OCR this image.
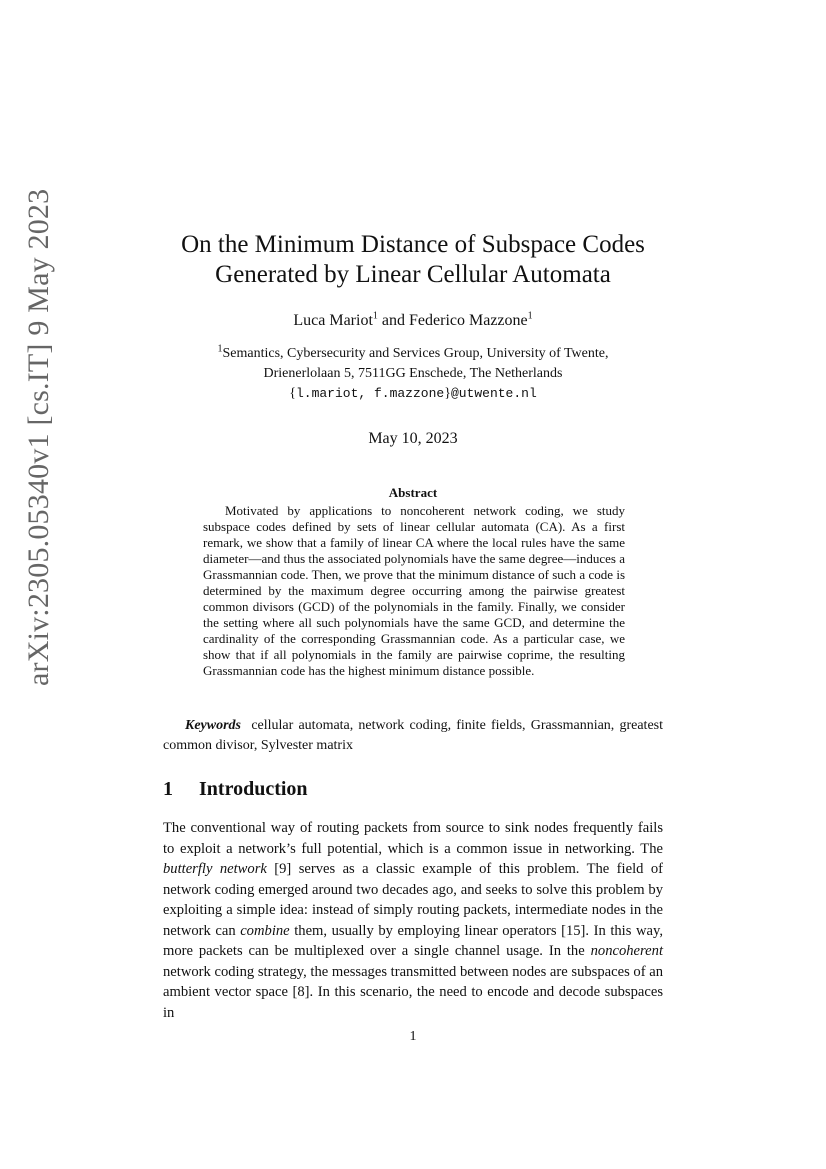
arXiv:2305.05340v1 [cs.IT] 9 May 2023	On the Minimum Distance of Subspace Codes
Generated by Linear Cellular Automata
Luca Mariot$^1$ and Federico Mazzone$^1$
$^1$Semantics, Cybersecurity and Services Group, University of Twente,
Drienerlolaan 5, 7511GG Enschede, The Netherlands
{l.mariot, f.mazzone}@utwente.nl
May 10, 2023
Abstract

Motivated by applications to noncoherent network coding, we study subspace codes defined by sets of linear cellular automata (CA). As a first remark, we show that a family of linear CA where the local rules have the same diameter—and thus the associated polynomials have the same degree—induces a Grassmannian code. Then, we prove that the minimum distance of such a code is determined by the maximum degree occurring among the pairwise greatest common divisors (GCD) of the polynomials in the family. Finally, we consider the setting where all such polynomials have the same GCD, and determine the cardinality of the corresponding Grassmannian code. As a particular case, we show that if all polynomials in the family are pairwise coprime, the resulting Grassmannian code has the highest minimum distance possible.

Keywords cellular automata, network coding, finite fields, Grassmannian, greatest common divisor, Sylvester matrix

1 Introduction

The conventional way of routing packets from source to sink nodes frequently fails to exploit a network’s full potential, which is a common issue in networking. The butterfly network [9] serves as a classic example of this problem. The field of network coding emerged around two decades ago, and seeks to solve this problem by exploiting a simple idea: instead of simply routing packets, intermediate nodes in the network can combine them, usually by employing linear operators [15]. In this way, more packets can be multiplexed over a single channel usage. In the noncoherent network coding strategy, the messages transmitted between nodes are subspaces of an ambient vector space [8]. In this scenario, the need to encode and decode subspaces in

1
